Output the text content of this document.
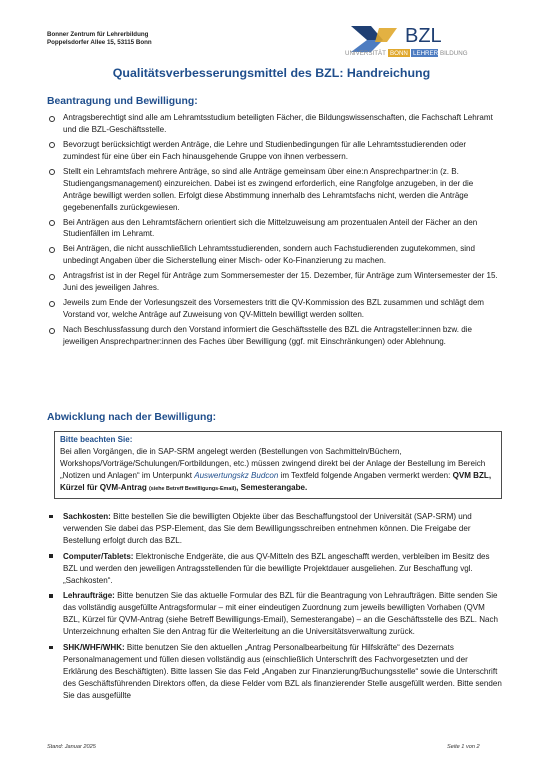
Bonner Zentrum für Lehrerbildung
Poppelsdorfer Allee 15, 53115 Bonn	BZL
UNIVERSITÄT BONN LEHRER BILDUNG
Qualitätsverbesserungsmittel des BZL: Handreichung
Beantragung und Bewilligung:
Antragsberechtigt sind alle am Lehramtsstudium beteiligten Fächer, die Bildungswissenschaften, die Fachschaft Lehramt und die BZL-Geschäftsstelle.
Bevorzugt berücksichtigt werden Anträge, die Lehre und Studienbedingungen für alle Lehramtsstudierenden oder zumindest für eine über ein Fach hinausgehende Gruppe von ihnen verbessern.
Stellt ein Lehramtsfach mehrere Anträge, so sind alle Anträge gemeinsam über eine:n Ansprechpartner:in (z. B. Studiengangsmanagement) einzureichen. Dabei ist es zwingend erforderlich, eine Rangfolge anzugeben, in der die Anträge bewilligt werden sollen. Erfolgt diese Abstimmung innerhalb des Lehramtsfachs nicht, werden die Anträge gegebenenfalls zurückgewiesen.
Bei Anträgen aus den Lehramtsfächern orientiert sich die Mittelzuweisung am prozentualen Anteil der Fächer an den Studienfällen im Lehramt.
Bei Anträgen, die nicht ausschließlich Lehramtsstudierenden, sondern auch Fachstudierenden zugutekommen, sind unbedingt Angaben über die Sicherstellung einer Misch- oder Ko-Finanzierung zu machen.
Antragsfrist ist in der Regel für Anträge zum Sommersemester der 15. Dezember, für Anträge zum Wintersemester der 15. Juni des jeweiligen Jahres.
Jeweils zum Ende der Vorlesungszeit des Vorsemesters tritt die QV-Kommission des BZL zusammen und schlägt dem Vorstand vor, welche Anträge auf Zuweisung von QV-Mitteln bewilligt werden sollten.
Nach Beschlussfassung durch den Vorstand informiert die Geschäftsstelle des BZL die Antragsteller:innen bzw. die jeweiligen Ansprechpartner:innen des Faches über Bewilligung (ggf. mit Einschränkungen) oder Ablehnung.
Abwicklung nach der Bewilligung:
Bitte beachten Sie:
Bei allen Vorgängen, die in SAP-SRM angelegt werden (Bestellungen von Sachmitteln/Büchern, Workshops/Vorträge/Schulungen/Fortbildungen, etc.) müssen zwingend direkt bei der Anlage der Bestellung im Bereich „Notizen und Anlagen“ im Unterpunkt Auswertungskz Budcon im Textfeld folgende Angaben vermerkt werden: QVM BZL, Kürzel für QVM-Antrag (siehe Betreff Bewilligungs-Email), Semesterangabe.
Sachkosten: Bitte bestellen Sie die bewilligten Objekte über das Beschaffungstool der Universität (SAP-SRM) und verwenden Sie dabei das PSP-Element, das Sie dem Bewilligungsschreiben entnehmen können. Die Freigabe der Bestellung erfolgt durch das BZL.
Computer/Tablets: Elektronische Endgeräte, die aus QV-Mitteln des BZL angeschafft werden, verbleiben im Besitz des BZL und werden den jeweiligen Antragsstellenden für die bewilligte Projektdauer ausgeliehen. Zur Beschaffung vgl. „Sachkosten“.
Lehraufträge: Bitte benutzen Sie das aktuelle Formular des BZL für die Beantragung von Lehraufträgen. Bitte senden Sie das vollständig ausgefüllte Antragsformular – mit einer eindeutigen Zuordnung zum jeweils bewilligten Vorhaben (QVM BZL, Kürzel für QVM-Antrag (siehe Betreff Bewilligungs-Email), Semesterangabe) – an die Geschäftsstelle des BZL. Nach Unterzeichnung erhalten Sie den Antrag für die Weiterleitung an die Universitätsverwaltung zurück.
SHK/WHF/WHK: Bitte benutzen Sie den aktuellen „Antrag Personalbearbeitung für Hilfskräfte“ des Dezernats Personalmanagement und füllen diesen vollständig aus (einschließlich Unterschrift des Fachvorgesetzten und der Erklärung des Beschäftigten). Bitte lassen Sie das Feld „Angaben zur Finanzierung/Buchungsstelle“ sowie die Unterschrift des Geschäftsführenden Direktors offen, da diese Felder vom BZL als finanzierender Stelle ausgefüllt werden. Bitte senden Sie das ausgefüllte
Stand: Januar 2025	Seite 1 von 2
